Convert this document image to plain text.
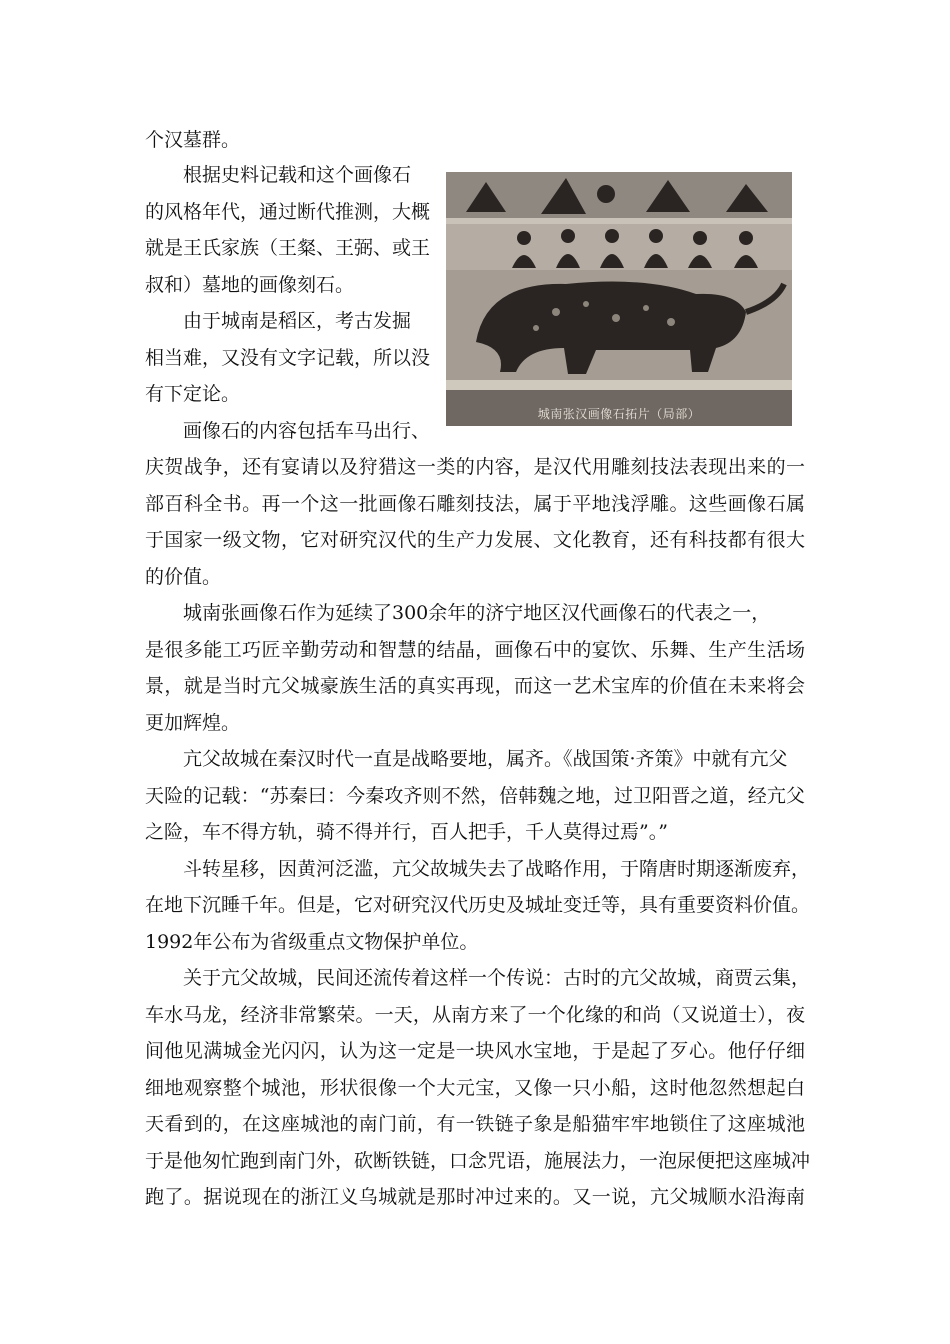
城南张汉画像石拓片（局部）
个汉墓群。
根据史料记载和这个画像石
的风格年代，通过断代推测，大概
就是王氏家族（王粲、王弼、或王
叔和）墓地的画像刻石。
由于城南是稻区，考古发掘
相当难，又没有文字记载，所以没
有下定论。
画像石的内容包括车马出行、
庆贺战争，还有宴请以及狩猎这一类的内容，是汉代用雕刻技法表现出来的一
部百科全书。再一个这一批画像石雕刻技法，属于平地浅浮雕。这些画像石属
于国家一级文物，它对研究汉代的生产力发展、文化教育，还有科技都有很大
的价值。
城南张画像石作为延续了300余年的济宁地区汉代画像石的代表之一，
是很多能工巧匠辛勤劳动和智慧的结晶，画像石中的宴饮、乐舞、生产生活场
景，就是当时亢父城豪族生活的真实再现，而这一艺术宝库的价值在未来将会
更加辉煌。
亢父故城在秦汉时代一直是战略要地，属齐。《战国策·齐策》中就有亢父
天险的记载：“苏秦曰：今秦攻齐则不然，倍韩魏之地，过卫阳晋之道，经亢父
之险，车不得方轨，骑不得并行，百人把手，千人莫得过焉”。”
斗转星移，因黄河泛滥，亢父故城失去了战略作用，于隋唐时期逐渐废弃，
在地下沉睡千年。但是，它对研究汉代历史及城址变迁等，具有重要资料价值。
1992年公布为省级重点文物保护单位。
关于亢父故城，民间还流传着这样一个传说：古时的亢父故城，商贾云集，
车水马龙，经济非常繁荣。一天，从南方来了一个化缘的和尚（又说道士），夜
间他见满城金光闪闪，认为这一定是一块风水宝地，于是起了歹心。他仔仔细
细地观察整个城池，形状很像一个大元宝，又像一只小船，这时他忽然想起白
天看到的，在这座城池的南门前，有一铁链子象是船猫牢牢地锁住了这座城池
于是他匆忙跑到南门外，砍断铁链，口念咒语，施展法力，一泡尿便把这座城冲
跑了。据说现在的浙江义乌城就是那时冲过来的。又一说，亢父城顺水沿海南
